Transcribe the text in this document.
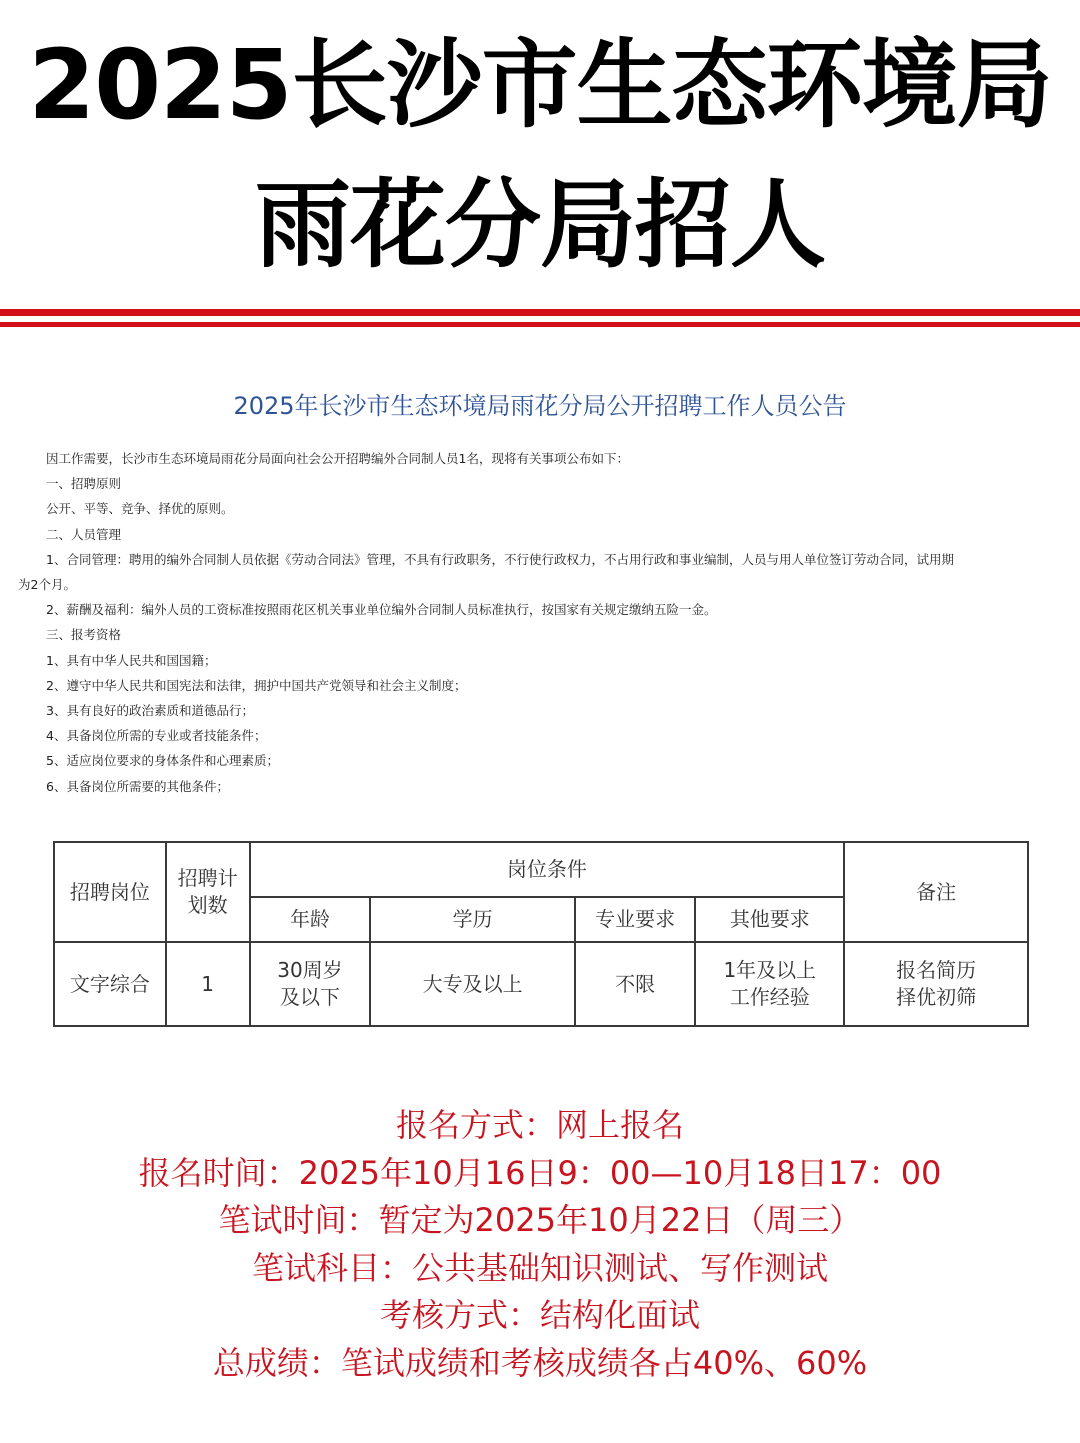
2025长沙市生态环境局
雨花分局招人
2025年长沙市生态环境局雨花分局公开招聘工作人员公告

因工作需要，长沙市生态环境局雨花分局面向社会公开招聘编外合同制人员1名，现将有关事项公布如下：

一、招聘原则

公开、平等、竞争、择优的原则。

二、人员管理

1、合同管理：聘用的编外合同制人员依据《劳动合同法》管理，不具有行政职务，不行使行政权力，不占用行政和事业编制，人员与用人单位签订劳动合同，试用期

为2个月。

2、薪酬及福利：编外人员的工资标准按照雨花区机关事业单位编外合同制人员标准执行，按国家有关规定缴纳五险一金。

三、报考资格

1、具有中华人民共和国国籍；

2、遵守中华人民共和国宪法和法律，拥护中国共产党领导和社会主义制度；

3、具有良好的政治素质和道德品行；

4、具备岗位所需的专业或者技能条件；

5、适应岗位要求的身体条件和心理素质；

6、具备岗位所需要的其他条件；

招聘岗位	招聘计划数	岗位条件				备注
		年龄	学历	专业要求	其他要求	
文字综合	1	30周岁及以下	大专及以上	不限	1年及以上工作经验	报名简历择优初筛

报名方式：网上报名

报名时间：2025年10月16日9：00—10月18日17：00

笔试时间：暂定为2025年10月22日（周三）

笔试科目：公共基础知识测试、写作测试

考核方式：结构化面试

总成绩：笔试成绩和考核成绩各占40%、60%
